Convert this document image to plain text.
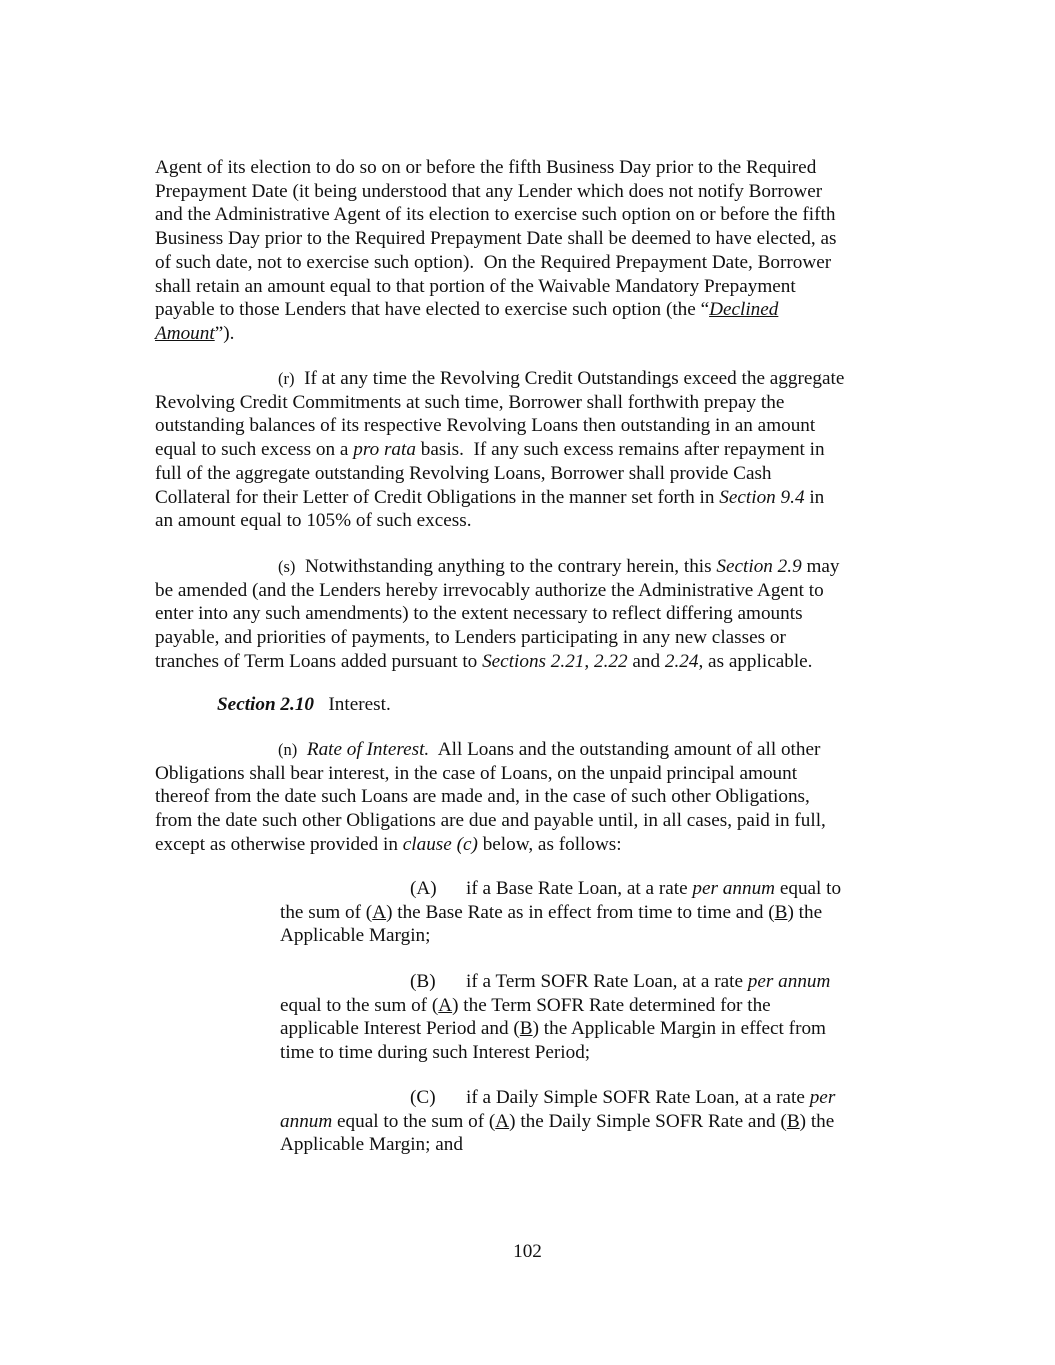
Agent of its election to do so on or before the fifth Business Day prior to the Required
Prepayment Date (it being understood that any Lender which does not notify Borrower
and the Administrative Agent of its election to exercise such option on or before the fifth
Business Day prior to the Required Prepayment Date shall be deemed to have elected, as
of such date, not to exercise such option).  On the Required Prepayment Date, Borrower
shall retain an amount equal to that portion of the Waivable Mandatory Prepayment
payable to those Lenders that have elected to exercise such option (the “Declined
Amount”).
(r)  If at any time the Revolving Credit Outstandings exceed the aggregate
Revolving Credit Commitments at such time, Borrower shall forthwith prepay the
outstanding balances of its respective Revolving Loans then outstanding in an amount
equal to such excess on a pro rata basis.  If any such excess remains after repayment in
full of the aggregate outstanding Revolving Loans, Borrower shall provide Cash
Collateral for their Letter of Credit Obligations in the manner set forth in Section 9.4 in
an amount equal to 105% of such excess.
(s)  Notwithstanding anything to the contrary herein, this Section 2.9 may
be amended (and the Lenders hereby irrevocably authorize the Administrative Agent to
enter into any such amendments) to the extent necessary to reflect differing amounts
payable, and priorities of payments, to Lenders participating in any new classes or
tranches of Term Loans added pursuant to Sections 2.21, 2.22 and 2.24, as applicable.
Section 2.10 Interest.
(n) Rate of Interest.  All Loans and the outstanding amount of all other
Obligations shall bear interest, in the case of Loans, on the unpaid principal amount
thereof from the date such Loans are made and, in the case of such other Obligations,
from the date such other Obligations are due and payable until, in all cases, paid in full,
except as otherwise provided in clause (c) below, as follows:
(A) if a Base Rate Loan, at a rate per annum equal to
the sum of (A) the Base Rate as in effect from time to time and (B) the
Applicable Margin;
(B) if a Term SOFR Rate Loan, at a rate per annum
equal to the sum of (A) the Term SOFR Rate determined for the
applicable Interest Period and (B) the Applicable Margin in effect from
time to time during such Interest Period;
(C) if a Daily Simple SOFR Rate Loan, at a rate per
annum equal to the sum of (A) the Daily Simple SOFR Rate and (B) the
Applicable Margin; and
102
